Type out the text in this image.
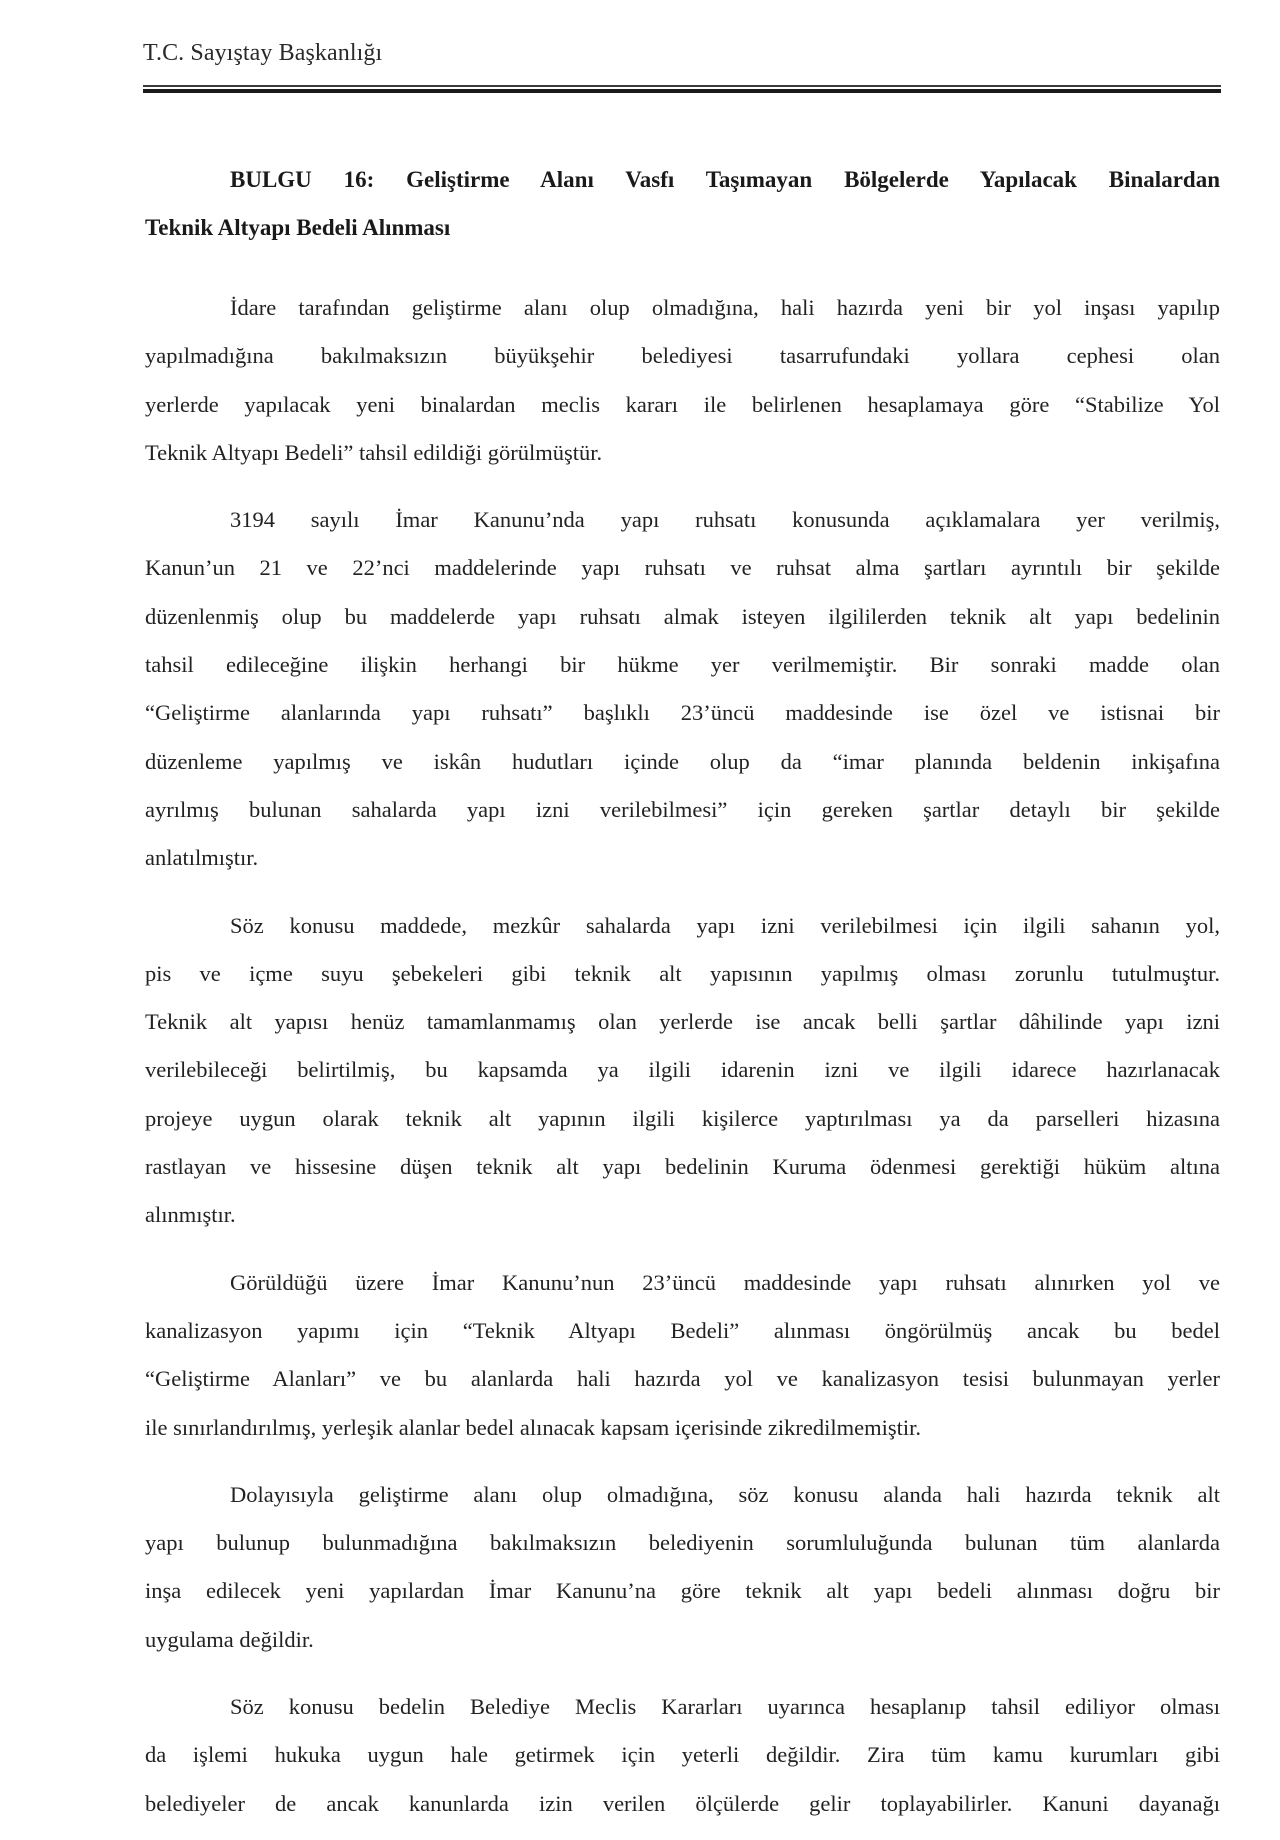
T.C. Sayıştay Başkanlığı
BULGU 16: Geliştirme Alanı Vasfı Taşımayan Bölgelerde Yapılacak Binalardan
Teknik Altyapı Bedeli Alınması
İdare tarafından geliştirme alanı olup olmadığına, hali hazırda yeni bir yol inşası yapılıp
yapılmadığına bakılmaksızın büyükşehir belediyesi tasarrufundaki yollara cephesi olan
yerlerde yapılacak yeni binalardan meclis kararı ile belirlenen hesaplamaya göre “Stabilize Yol
Teknik Altyapı Bedeli” tahsil edildiği görülmüştür.
3194 sayılı İmar Kanunu’nda yapı ruhsatı konusunda açıklamalara yer verilmiş,
Kanun’un 21 ve 22’nci maddelerinde yapı ruhsatı ve ruhsat alma şartları ayrıntılı bir şekilde
düzenlenmiş olup bu maddelerde yapı ruhsatı almak isteyen ilgililerden teknik alt yapı bedelinin
tahsil edileceğine ilişkin herhangi bir hükme yer verilmemiştir. Bir sonraki madde olan
“Geliştirme alanlarında yapı ruhsatı” başlıklı 23’üncü maddesinde ise özel ve istisnai bir
düzenleme yapılmış ve iskân hudutları içinde olup da “imar planında beldenin inkişafına
ayrılmış bulunan sahalarda yapı izni verilebilmesi” için gereken şartlar detaylı bir şekilde
anlatılmıştır.
Söz konusu maddede, mezkûr sahalarda yapı izni verilebilmesi için ilgili sahanın yol,
pis ve içme suyu şebekeleri gibi teknik alt yapısının yapılmış olması zorunlu tutulmuştur.
Teknik alt yapısı henüz tamamlanmamış olan yerlerde ise ancak belli şartlar dâhilinde yapı izni
verilebileceği belirtilmiş, bu kapsamda ya ilgili idarenin izni ve ilgili idarece hazırlanacak
projeye uygun olarak teknik alt yapının ilgili kişilerce yaptırılması ya da parselleri hizasına
rastlayan ve hissesine düşen teknik alt yapı bedelinin Kuruma ödenmesi gerektiği hüküm altına
alınmıştır.
Görüldüğü üzere İmar Kanunu’nun 23’üncü maddesinde yapı ruhsatı alınırken yol ve
kanalizasyon yapımı için “Teknik Altyapı Bedeli” alınması öngörülmüş ancak bu bedel
“Geliştirme Alanları” ve bu alanlarda hali hazırda yol ve kanalizasyon tesisi bulunmayan yerler
ile sınırlandırılmış, yerleşik alanlar bedel alınacak kapsam içerisinde zikredilmemiştir.
Dolayısıyla geliştirme alanı olup olmadığına, söz konusu alanda hali hazırda teknik alt
yapı bulunup bulunmadığına bakılmaksızın belediyenin sorumluluğunda bulunan tüm alanlarda
inşa edilecek yeni yapılardan İmar Kanunu’na göre teknik alt yapı bedeli alınması doğru bir
uygulama değildir.
Söz konusu bedelin Belediye Meclis Kararları uyarınca hesaplanıp tahsil ediliyor olması
da işlemi hukuka uygun hale getirmek için yeterli değildir. Zira tüm kamu kurumları gibi
belediyeler de ancak kanunlarda izin verilen ölçülerde gelir toplayabilirler. Kanuni dayanağı
